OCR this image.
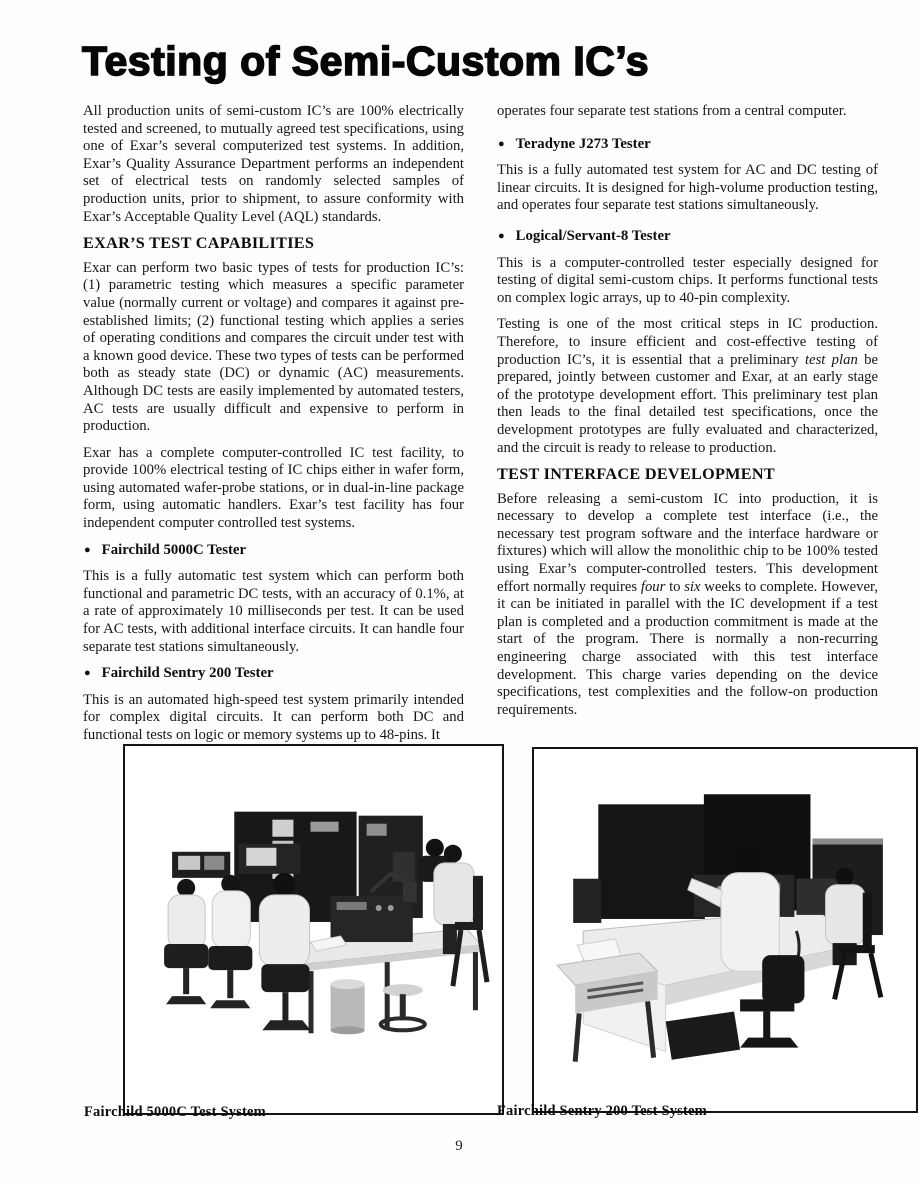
Testing of Semi-Custom IC’s

All production units of semi-custom IC’s are 100% electrically tested and screened, to mutually agreed test specifications, using one of Exar’s several computerized test systems. In addition, Exar’s Quality Assurance Department performs an independent set of electrical tests on randomly selected samples of production units, prior to shipment, to assure conformity with Exar’s Acceptable Quality Level (AQL) standards.

EXAR’S TEST CAPABILITIES

Exar can perform two basic types of tests for production IC’s: (1) parametric testing which measures a specific parameter value (normally current or voltage) and compares it against pre-established limits; (2) functional testing which applies a series of operating conditions and compares the circuit under test with a known good device. These two types of tests can be performed both as steady state (DC) or dynamic (AC) measurements. Although DC tests are easily implemented by automated testers, AC tests are usually difficult and expensive to perform in production.

Exar has a complete computer-controlled IC test facility, to provide 100% electrical testing of IC chips either in wafer form, using automated wafer-probe stations, or in dual-in-line package form, using automatic handlers. Exar’s test facility has four independent computer controlled test systems.

● Fairchild 5000C Tester

This is a fully automatic test system which can perform both functional and parametric DC tests, with an accuracy of 0.1%, at a rate of approximately 10 milliseconds per test. It can be used for AC tests, with additional interface circuits. It can handle four separate test stations simultaneously.

● Fairchild Sentry 200 Tester

This is an automated high-speed test system primarily intended for complex digital circuits. It can perform both DC and functional tests on logic or memory systems up to 48-pins. It

operates four separate test stations from a central computer.

● Teradyne J273 Tester

This is a fully automated test system for AC and DC testing of linear circuits. It is designed for high-volume production testing, and operates four separate test stations simultaneously.

● Logical/Servant-8 Tester

This is a computer-controlled tester especially designed for testing of digital semi-custom chips. It performs functional tests on complex logic arrays, up to 40-pin complexity.

Testing is one of the most critical steps in IC production. Therefore, to insure efficient and cost-effective testing of production IC’s, it is essential that a preliminary test plan be prepared, jointly between customer and Exar, at an early stage of the prototype development effort. This preliminary test plan then leads to the final detailed test specifications, once the development prototypes are fully evaluated and characterized, and the circuit is ready to release to production.

TEST INTERFACE DEVELOPMENT

Before releasing a semi-custom IC into production, it is necessary to develop a complete test interface (i.e., the necessary test program software and the interface hardware or fixtures) which will allow the monolithic chip to be 100% tested using Exar’s computer-controlled testers. This development effort normally requires four to six weeks to complete. However, it can be initiated in parallel with the IC development if a test plan is completed and a production commitment is made at the start of the program. There is normally a non-recurring engineering charge associated with this test interface development. This charge varies depending on the device specifications, test complexities and the follow-on production requirements.

Fairchild 5000C Test System	Fairchild Sentry 200 Test System
9
